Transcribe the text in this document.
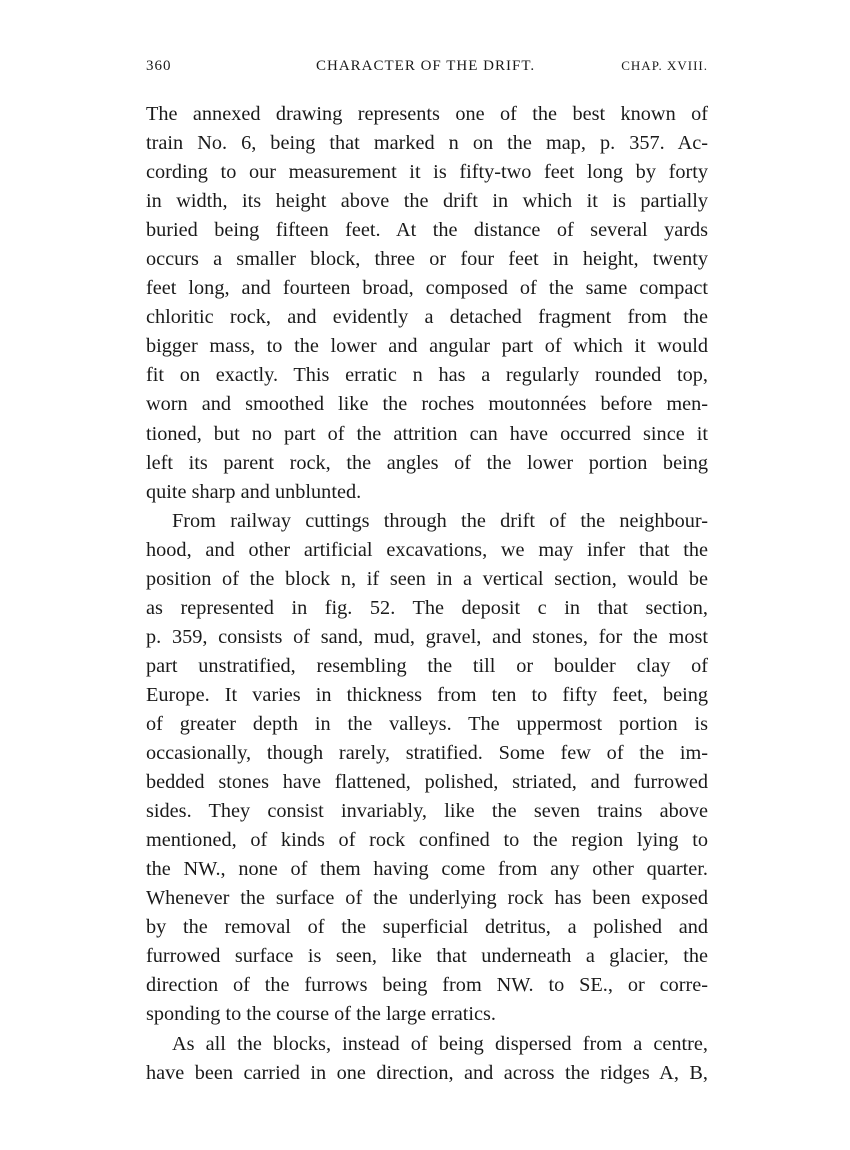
360	CHARACTER OF THE DRIFT.	CHAP. XVIII.

The annexed drawing represents one of the best known of
train No. 6, being that marked n on the map, p. 357. Ac-
cording to our measurement it is fifty-two feet long by forty
in width, its height above the drift in which it is partially
buried being fifteen feet. At the distance of several yards
occurs a smaller block, three or four feet in height, twenty
feet long, and fourteen broad, composed of the same compact
chloritic rock, and evidently a detached fragment from the
bigger mass, to the lower and angular part of which it would
fit on exactly. This erratic n has a regularly rounded top,
worn and smoothed like the roches moutonnées before men-
tioned, but no part of the attrition can have occurred since it
left its parent rock, the angles of the lower portion being
quite sharp and unblunted.

From railway cuttings through the drift of the neighbour-
hood, and other artificial excavations, we may infer that the
position of the block n, if seen in a vertical section, would be
as represented in fig. 52. The deposit c in that section,
p. 359, consists of sand, mud, gravel, and stones, for the most
part unstratified, resembling the till or boulder clay of
Europe. It varies in thickness from ten to fifty feet, being
of greater depth in the valleys. The uppermost portion is
occasionally, though rarely, stratified. Some few of the im-
bedded stones have flattened, polished, striated, and furrowed
sides. They consist invariably, like the seven trains above
mentioned, of kinds of rock confined to the region lying to
the NW., none of them having come from any other quarter.
Whenever the surface of the underlying rock has been exposed
by the removal of the superficial detritus, a polished and
furrowed surface is seen, like that underneath a glacier, the
direction of the furrows being from NW. to SE., or corre-
sponding to the course of the large erratics.

As all the blocks, instead of being dispersed from a centre,
have been carried in one direction, and across the ridges A, B,
